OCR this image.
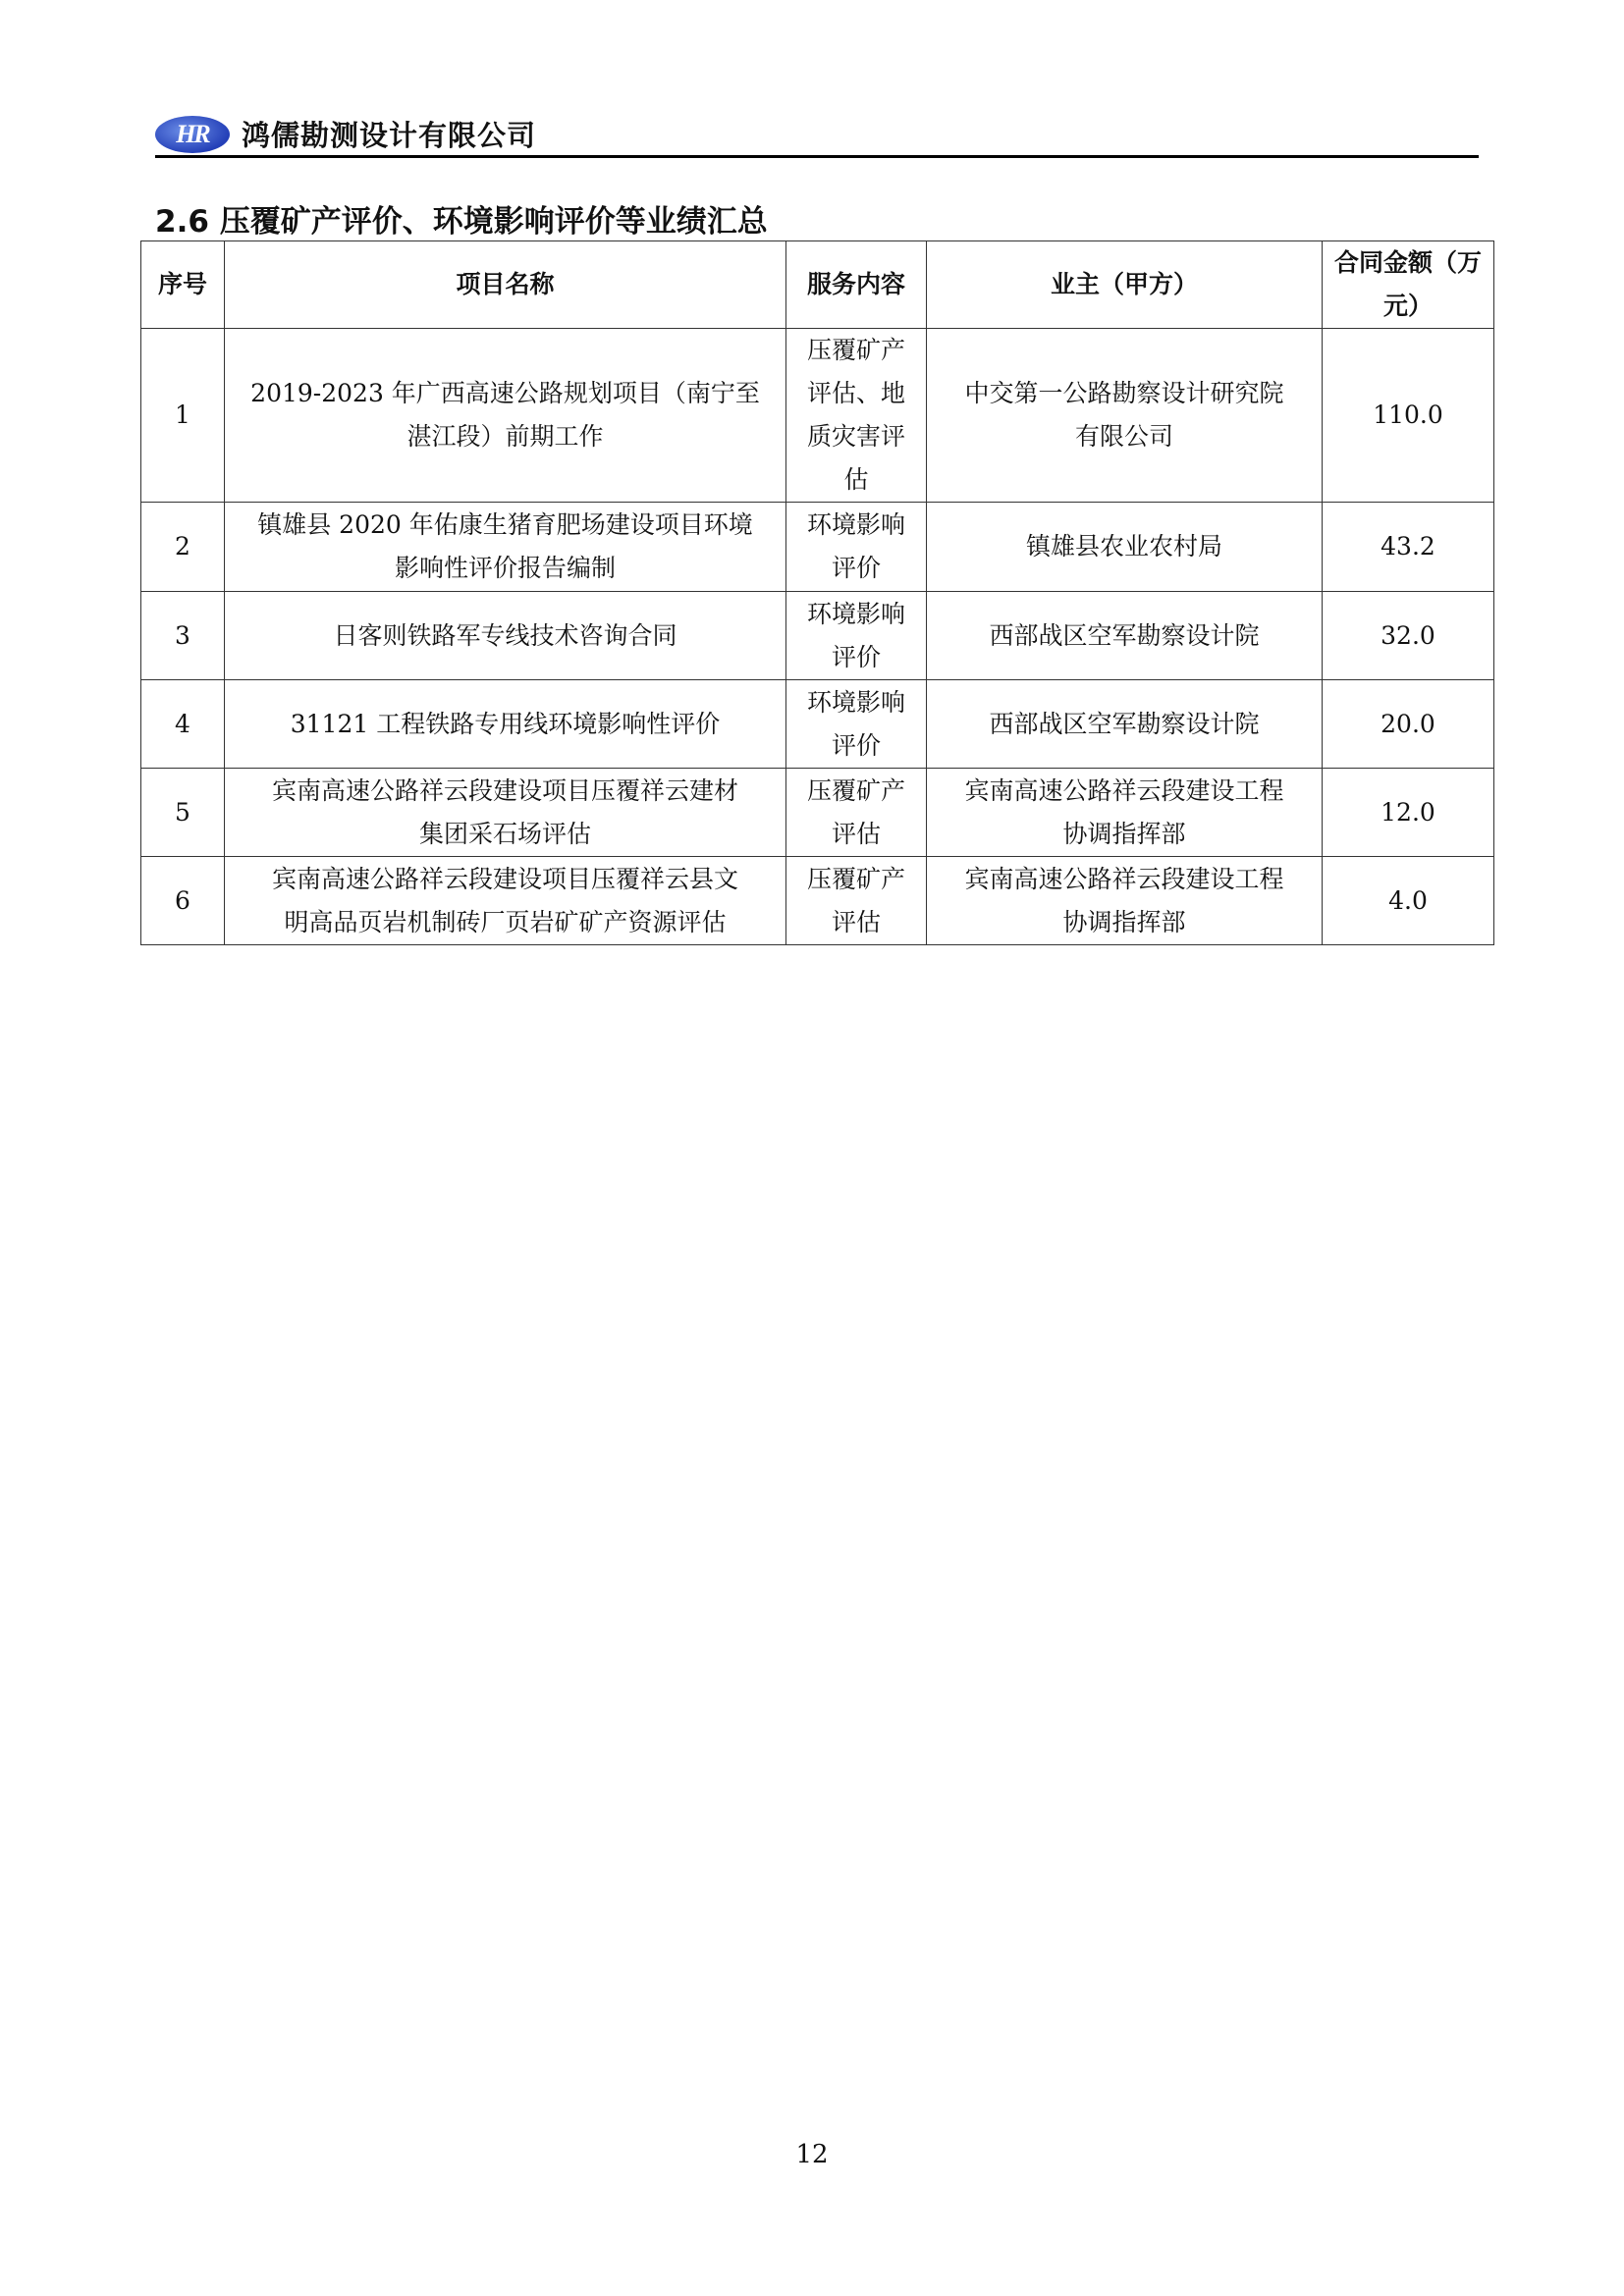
HR	鸿儒勘测设计有限公司
2.6 压覆矿产评价、环境影响评价等业绩汇总
序号	项目名称	服务内容	业主（甲方）	合同金额（万元）
1	2019-2023 年广西高速公路规划项目（南宁至
湛江段）前期工作	压覆矿产
评估、地
质灾害评
估	中交第一公路勘察设计研究院
有限公司	110.0
2	镇雄县 2020 年佑康生猪育肥场建设项目环境
影响性评价报告编制	环境影响
评价	镇雄县农业农村局	43.2
3	日客则铁路军专线技术咨询合同	环境影响
评价	西部战区空军勘察设计院	32.0
4	31121 工程铁路专用线环境影响性评价	环境影响
评价	西部战区空军勘察设计院	20.0
5	宾南高速公路祥云段建设项目压覆祥云建材
集团采石场评估	压覆矿产
评估	宾南高速公路祥云段建设工程
协调指挥部	12.0
6	宾南高速公路祥云段建设项目压覆祥云县文
明高品页岩机制砖厂页岩矿矿产资源评估	压覆矿产
评估	宾南高速公路祥云段建设工程
协调指挥部	4.0
12
